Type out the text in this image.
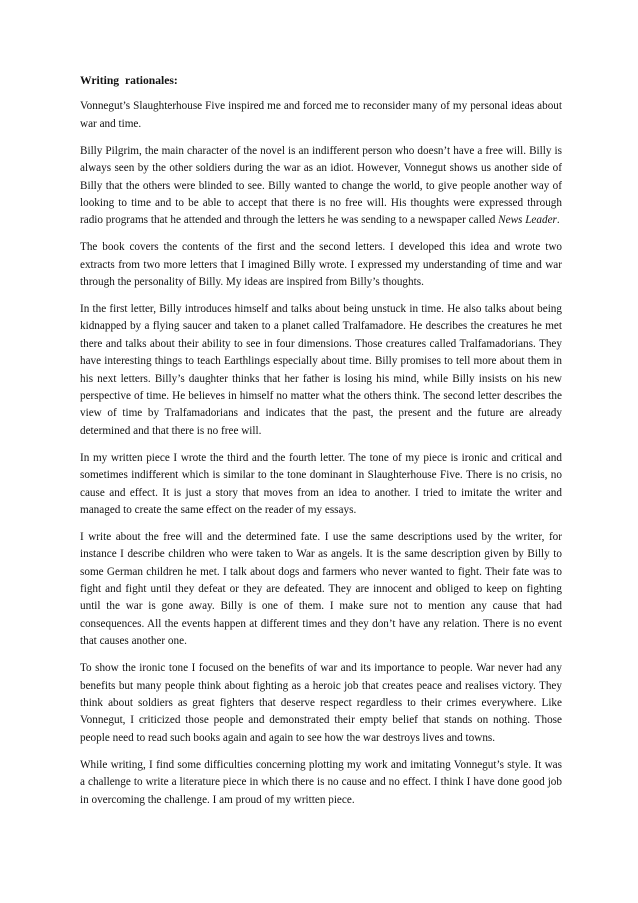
Writing rationales:

Vonnegut’s Slaughterhouse Five inspired me and forced me to reconsider many of my personal ideas about war and time.

Billy Pilgrim, the main character of the novel is an indifferent person who doesn’t have a free will. Billy is always seen by the other soldiers during the war as an idiot. However, Vonnegut shows us another side of Billy that the others were blinded to see. Billy wanted to change the world, to give people another way of looking to time and to be able to accept that there is no free will. His thoughts were expressed through radio programs that he attended and through the letters he was sending to a newspaper called News Leader.

The book covers the contents of the first and the second letters. I developed this idea and wrote two extracts from two more letters that I imagined Billy wrote. I expressed my understanding of time and war through the personality of Billy. My ideas are inspired from Billy’s thoughts.

In the first letter, Billy introduces himself and talks about being unstuck in time. He also talks about being kidnapped by a flying saucer and taken to a planet called Tralfamadore. He describes the creatures he met there and talks about their ability to see in four dimensions. Those creatures called Tralfamadorians. They have interesting things to teach Earthlings especially about time. Billy promises to tell more about them in his next letters. Billy’s daughter thinks that her father is losing his mind, while Billy insists on his new perspective of time. He believes in himself no matter what the others think. The second letter describes the view of time by Tralfamadorians and indicates that the past, the present and the future are already determined and that there is no free will.

In my written piece I wrote the third and the fourth letter. The tone of my piece is ironic and critical and sometimes indifferent which is similar to the tone dominant in Slaughterhouse Five. There is no crisis, no cause and effect. It is just a story that moves from an idea to another. I tried to imitate the writer and managed to create the same effect on the reader of my essays.

I write about the free will and the determined fate. I use the same descriptions used by the writer, for instance I describe children who were taken to War as angels. It is the same description given by Billy to some German children he met. I talk about dogs and farmers who never wanted to fight. Their fate was to fight and fight until they defeat or they are defeated. They are innocent and obliged to keep on fighting until the war is gone away. Billy is one of them. I make sure not to mention any cause that had consequences. All the events happen at different times and they don’t have any relation. There is no event that causes another one.

To show the ironic tone I focused on the benefits of war and its importance to people. War never had any benefits but many people think about fighting as a heroic job that creates peace and realises victory. They think about soldiers as great fighters that deserve respect regardless to their crimes everywhere. Like Vonnegut, I criticized those people and demonstrated their empty belief that stands on nothing. Those people need to read such books again and again to see how the war destroys lives and towns.

While writing, I find some difficulties concerning plotting my work and imitating Vonnegut’s style. It was a challenge to write a literature piece in which there is no cause and no effect. I think I have done good job in overcoming the challenge. I am proud of my written piece.
